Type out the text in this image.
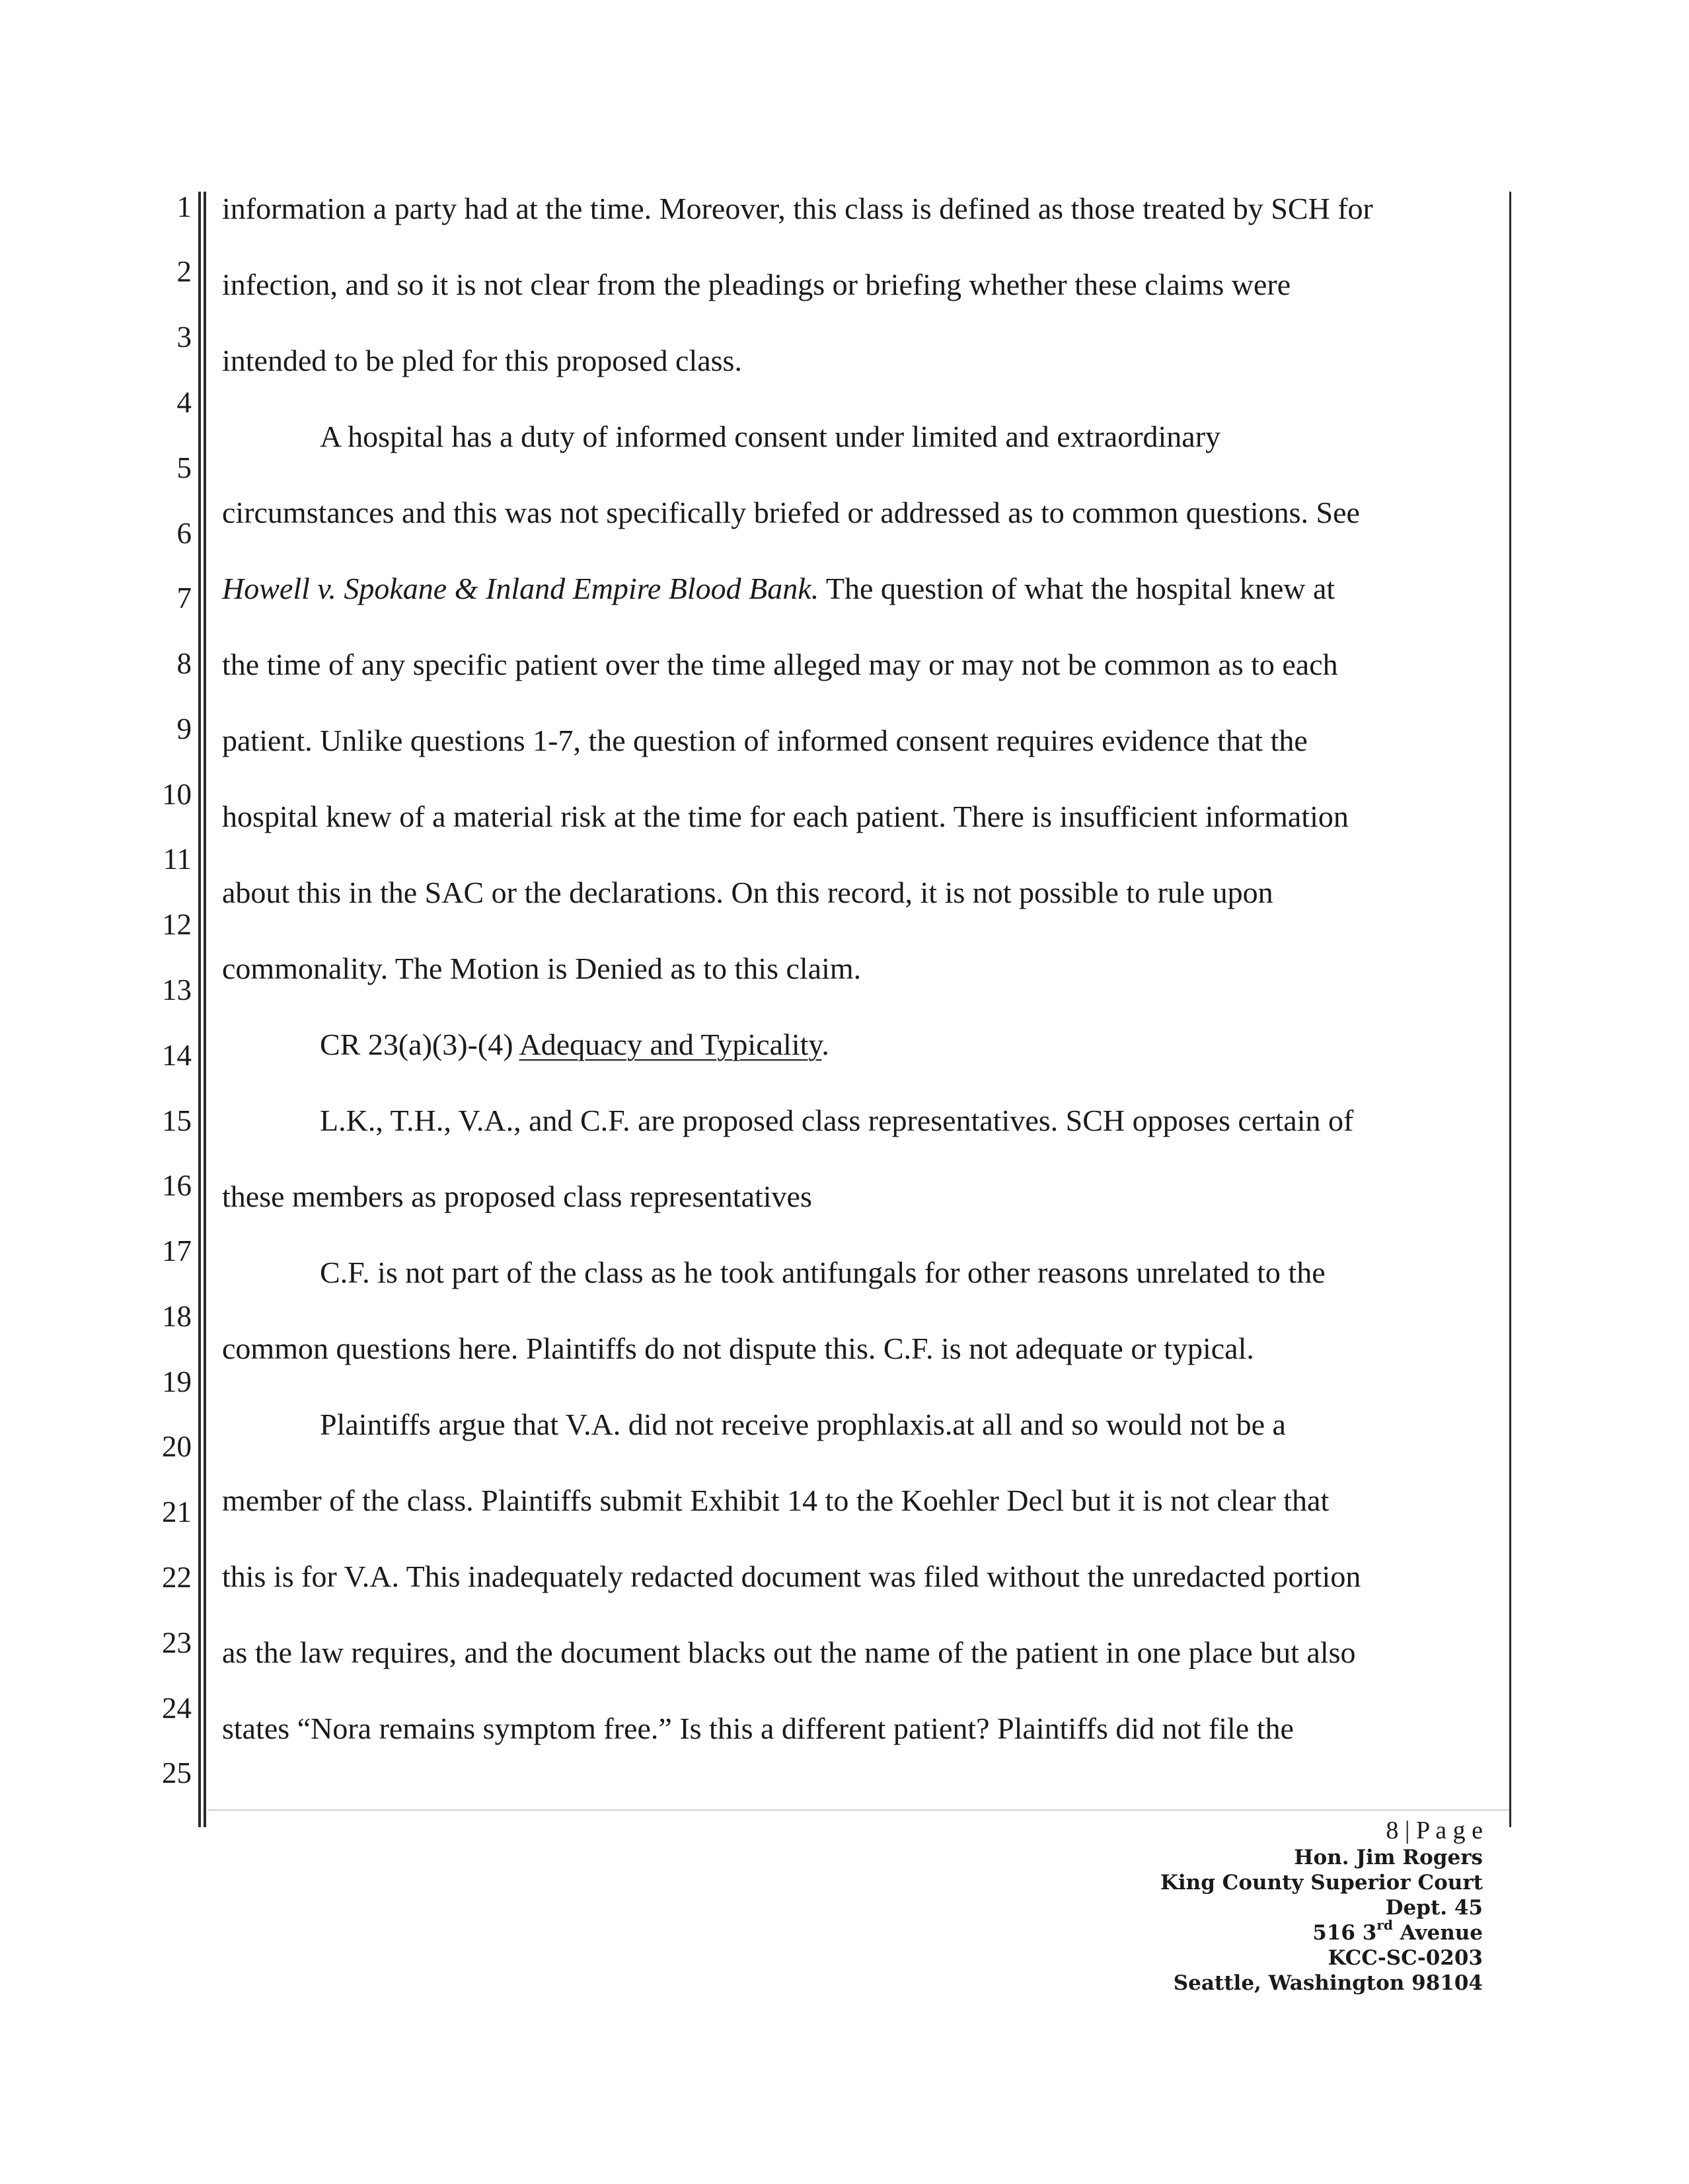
1
2
3
4
5
6
7
8
9
10
11
12
13
14
15
16
17
18
19
20
21
22
23
24
25
information a party had at the time. Moreover, this class is defined as those treated by SCH for
infection, and so it is not clear from the pleadings or briefing whether these claims were
intended to be pled for this proposed class.
A hospital has a duty of informed consent under limited and extraordinary
circumstances and this was not specifically briefed or addressed as to common questions. See
Howell v. Spokane & Inland Empire Blood Bank. The question of what the hospital knew at
the time of any specific patient over the time alleged may or may not be common as to each
patient. Unlike questions 1-7, the question of informed consent requires evidence that the
hospital knew of a material risk at the time for each patient. There is insufficient information
about this in the SAC or the declarations. On this record, it is not possible to rule upon
commonality. The Motion is Denied as to this claim.
CR 23(a)(3)-(4) Adequacy and Typicality.
L.K., T.H., V.A., and C.F. are proposed class representatives. SCH opposes certain of
these members as proposed class representatives
C.F. is not part of the class as he took antifungals for other reasons unrelated to the
common questions here. Plaintiffs do not dispute this. C.F. is not adequate or typical.
Plaintiffs argue that V.A. did not receive prophlaxis.at all and so would not be a
member of the class. Plaintiffs submit Exhibit 14 to the Koehler Decl but it is not clear that
this is for V.A. This inadequately redacted document was filed without the unredacted portion
as the law requires, and the document blacks out the name of the patient in one place but also
states “Nora remains symptom free.” Is this a different patient? Plaintiffs did not file the
8 | P a g e
Hon. Jim Rogers
King County Superior Court
Dept. 45
516 3rd Avenue
KCC-SC-0203
Seattle, Washington 98104
